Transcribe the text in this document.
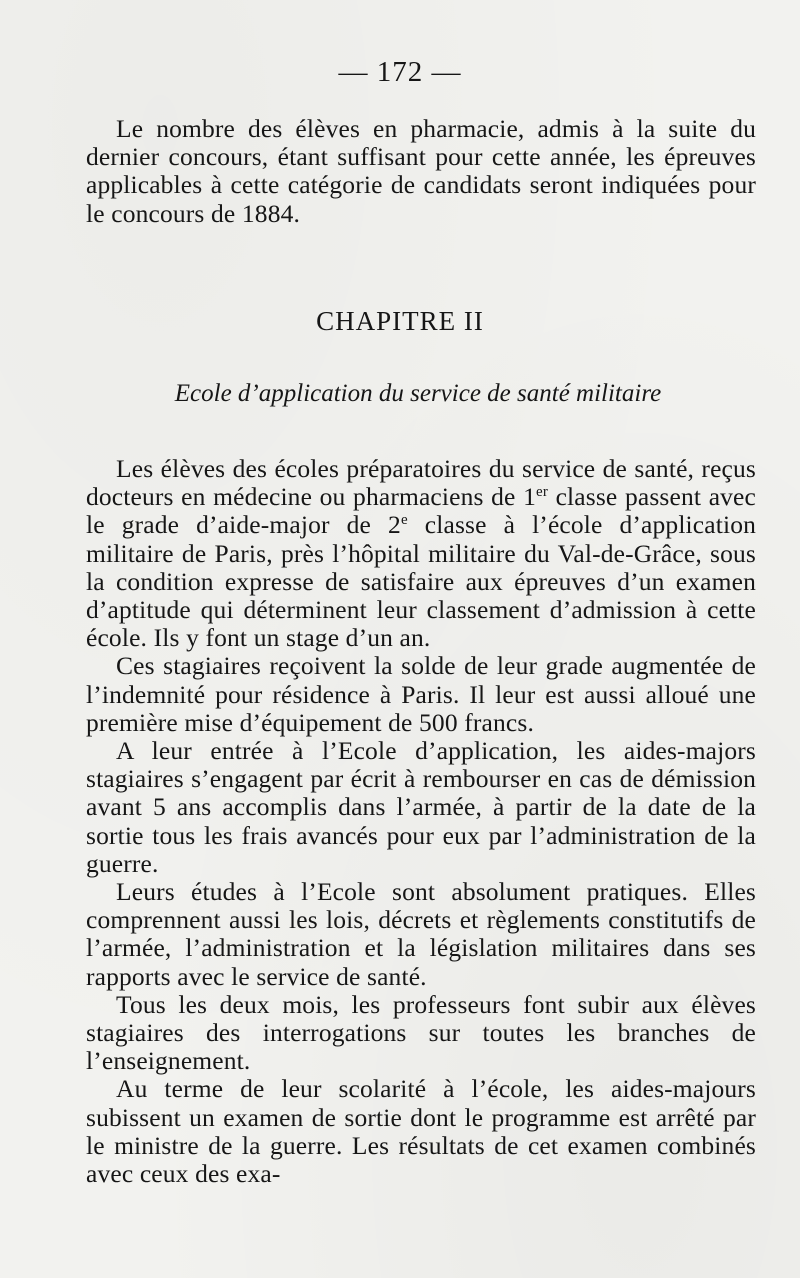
— 172 —

Le nombre des élèves en pharmacie, admis à la suite du dernier concours, étant suffisant pour cette année, les épreuves applicables à cette catégorie de candidats seront indiquées pour le concours de 1884.

CHAPITRE II
Ecole d’application du service de santé militaire

Les élèves des écoles préparatoires du service de santé, reçus docteurs en médecine ou pharmaciens de 1er classe passent avec le grade d’aide-major de 2e classe à l’école d’application militaire de Paris, près l’hôpital militaire du Val-de-Grâce, sous la condition expresse de satisfaire aux épreuves d’un examen d’aptitude qui déterminent leur classement d’admission à cette école. Ils y font un stage d’un an.

Ces stagiaires reçoivent la solde de leur grade augmentée de l’indemnité pour résidence à Paris. Il leur est aussi alloué une première mise d’équipement de 500 francs.

A leur entrée à l’Ecole d’application, les aides-majors stagiaires s’engagent par écrit à rembourser en cas de démission avant 5 ans accomplis dans l’armée, à partir de la date de la sortie tous les frais avancés pour eux par l’administration de la guerre.

Leurs études à l’Ecole sont absolument pratiques. Elles comprennent aussi les lois, décrets et règlements constitutifs de l’armée, l’administration et la législation militaires dans ses rapports avec le service de santé.

Tous les deux mois, les professeurs font subir aux élèves stagiaires des interrogations sur toutes les branches de l’enseignement.

Au terme de leur scolarité à l’école, les aides-majours subissent un examen de sortie dont le programme est arrêté par le ministre de la guerre. Les résultats de cet examen combinés avec ceux des exa-
